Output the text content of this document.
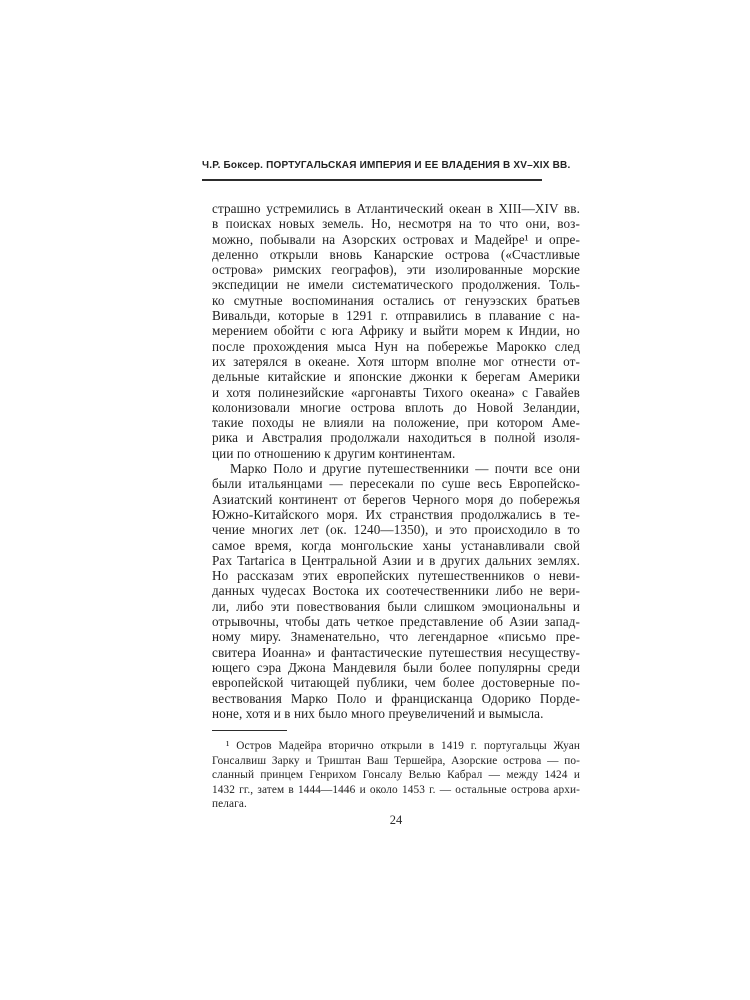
Ч.Р. Боксер. ПОРТУГАЛЬСКАЯ ИМПЕРИЯ И ЕЕ ВЛАДЕНИЯ В XV–XIX ВВ.
страшно устремились в Атлантический океан в XIII—XIV вв.
в поисках новых земель. Но, несмотря на то что они, воз-
можно, побывали на Азорских островах и Мадейре¹ и опре-
деленно открыли вновь Канарские острова («Счастливые
острова» римских географов), эти изолированные морские
экспедиции не имели систематического продолжения. Толь-
ко смутные воспоминания остались от генуэзских братьев
Вивальди, которые в 1291 г. отправились в плавание с на-
мерением обойти с юга Африку и выйти морем к Индии, но
после прохождения мыса Нун на побережье Марокко след
их затерялся в океане. Хотя шторм вполне мог отнести от-
дельные китайские и японские джонки к берегам Америки
и хотя полинезийские «аргонавты Тихого океана» с Гавайев
колонизовали многие острова вплоть до Новой Зеландии,
такие походы не влияли на положение, при котором Аме-
рика и Австралия продолжали находиться в полной изоля-
ции по отношению к другим континентам.
Марко Поло и другие путешественники — почти все они
были итальянцами — пересекали по суше весь Европейско-
Азиатский континент от берегов Черного моря до побережья
Южно-Китайского моря. Их странствия продолжались в те-
чение многих лет (ок. 1240—1350), и это происходило в то
самое время, когда монгольские ханы устанавливали свой
Pax Tartarica в Центральной Азии и в других дальних землях.
Но рассказам этих европейских путешественников о неви-
данных чудесах Востока их соотечественники либо не вери-
ли, либо эти повествования были слишком эмоциональны и
отрывочны, чтобы дать четкое представление об Азии запад-
ному миру. Знаменательно, что легендарное «письмо пре-
свитера Иоанна» и фантастические путешествия несуществу-
ющего сэра Джона Мандевиля были более популярны среди
европейской читающей публики, чем более достоверные по-
вествования Марко Поло и францисканца Одорико Порде-
ноне, хотя и в них было много преувеличений и вымысла.
¹ Остров Мадейра вторично открыли в 1419 г. португальцы Жуан
Гонсалвиш Зарку и Триштан Ваш Тершейра, Азорские острова — по-
сланный принцем Генрихом Гонсалу Велью Кабрал — между 1424 и
1432 гг., затем в 1444—1446 и около 1453 г. — остальные острова архи-
пелага.
24
